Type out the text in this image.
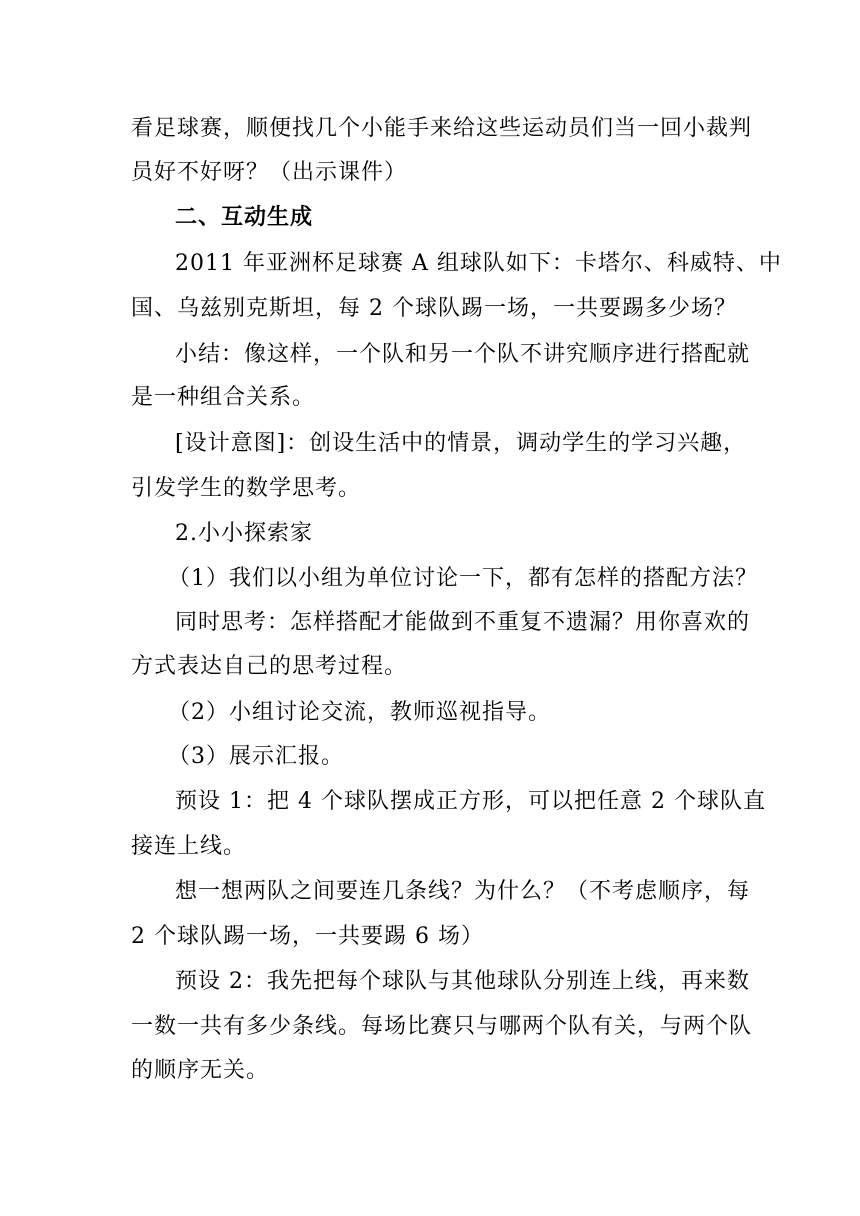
看足球赛，顺便找几个小能手来给这些运动员们当一回小裁判
员好不好呀？（出示课件）
二、互动生成
2011 年亚洲杯足球赛 A 组球队如下：卡塔尔、科威特、中
国、乌兹别克斯坦，每 2 个球队踢一场，一共要踢多少场？
小结：像这样，一个队和另一个队不讲究顺序进行搭配就
是一种组合关系。
[设计意图]：创设生活中的情景，调动学生的学习兴趣，
引发学生的数学思考。
2.小小探索家
（1）我们以小组为单位讨论一下，都有怎样的搭配方法？
同时思考：怎样搭配才能做到不重复不遗漏？用你喜欢的
方式表达自己的思考过程。
（2）小组讨论交流，教师巡视指导。
（3）展示汇报。
预设 1：把 4 个球队摆成正方形，可以把任意 2 个球队直
接连上线。
想一想两队之间要连几条线？为什么？（不考虑顺序，每
2 个球队踢一场，一共要踢 6 场）
预设 2：我先把每个球队与其他球队分别连上线，再来数
一数一共有多少条线。每场比赛只与哪两个队有关，与两个队
的顺序无关。
